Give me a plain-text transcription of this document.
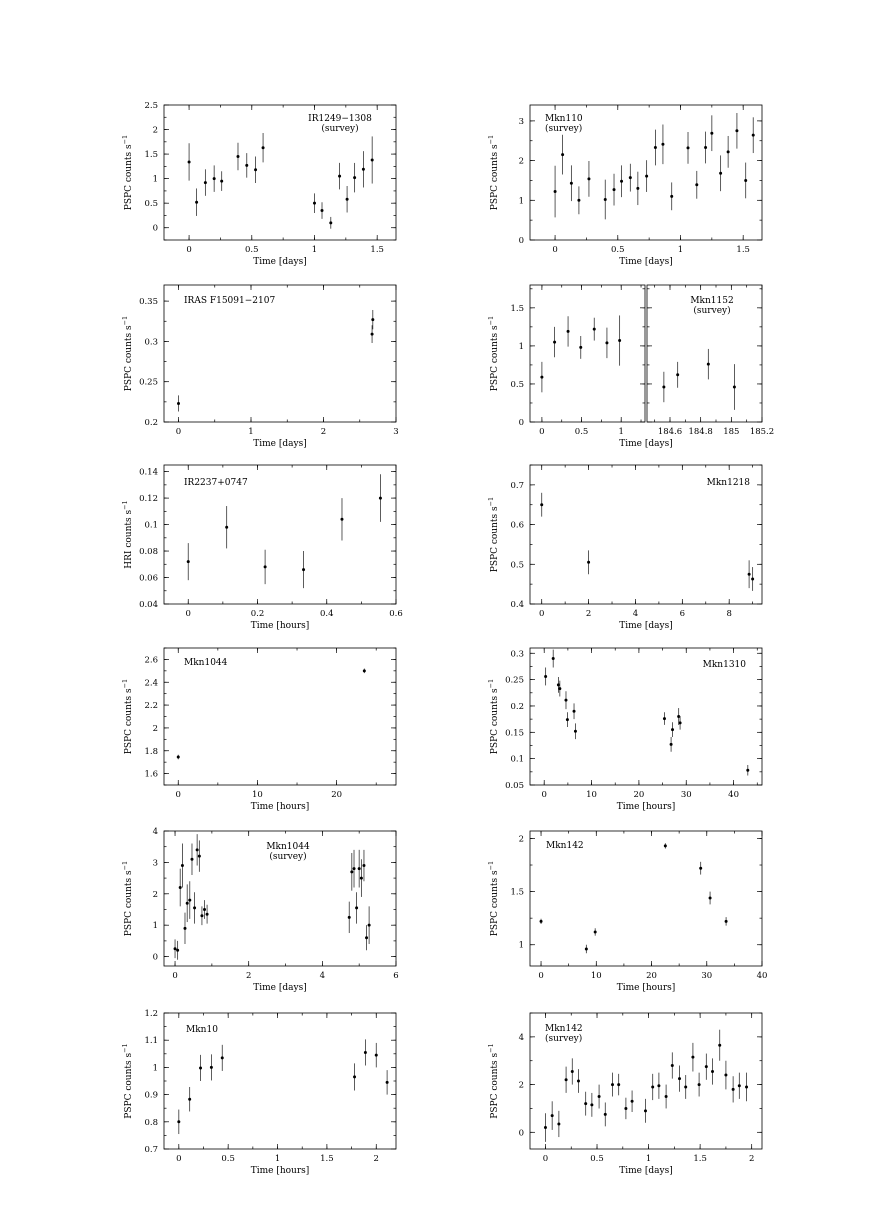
0	0.5	1	1.5
0
0.5
1
1.5
2
2.5
Time [days]
PSPC counts $s^{-1}$
IR1249−1308
(survey)
0	0.5	1	1.5
0
1
2
3
Time [days]
PSPC counts $s^{-1}$
Mkn110
(survey)
0	1	2	3
0.2
0.25
0.3
0.35
Time [days]
PSPC counts $s^{-1}$
IRAS F15091−2107
0	0.5	1
0
0.5
1
1.5
184.6 184.8 185 185.2
Time [days]
PSPC counts $s^{-1}$
Mkn1152
(survey)
0	0.2	0.4	0.6
0.04
0.06
0.08
0.1
0.12
0.14
Time [hours]
HRI counts $s^{-1}$
IR2237+0747
0	2	4	6	8
0.4
0.5
0.6
0.7
Time [days]
PSPC counts $s^{-1}$
Mkn1218
0	10	20
1.6
1.8
2
2.2
2.4
2.6
Time [hours]
PSPC counts $s^{-1}$
Mkn1044
0	10	20	30	40
0.05
0.1
0.15
0.2
0.25
0.3
Time [hours]
PSPC counts $s^{-1}$
Mkn1310
0	2	4	6
0
1
2
3
4
Time [days]
PSPC counts $s^{-1}$
Mkn1044
(survey)
0	10	20	30	40
1
1.5
2
Time [hours]
PSPC counts $s^{-1}$
Mkn142
0	0.5	1	1.5	2
0.7
0.8
0.9
1
1.1
1.2
Time [hours]
PSPC counts $s^{-1}$
Mkn10
0	0.5	1	1.5	2
0
2
4
Time [days]
PSPC counts $s^{-1}$
Mkn142
(survey)
